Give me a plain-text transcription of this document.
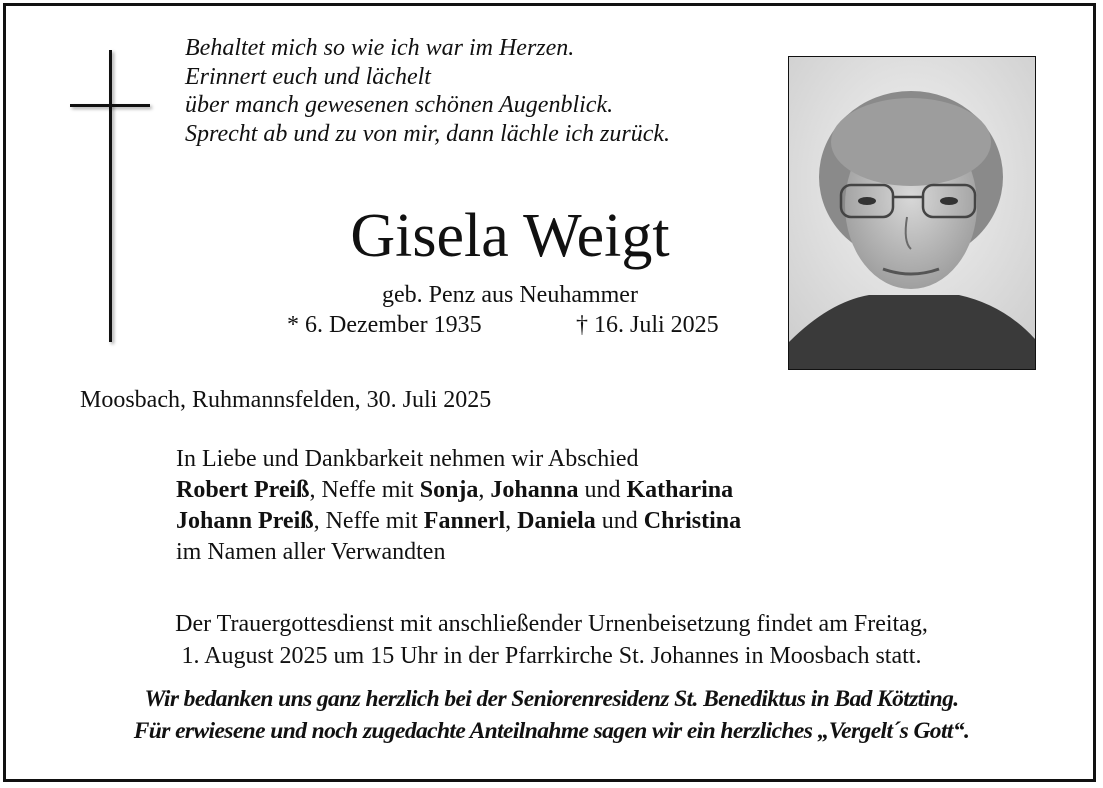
Behaltet mich so wie ich war im Herzen.
Erinnert euch und lächelt
über manch gewesenen schönen Augenblick.
Sprecht ab und zu von mir, dann lächle ich zurück.
Gisela Weigt
geb. Penz aus Neuhammer
* 6. Dezember 1935	† 16. Juli 2025
Moosbach, Ruhmannsfelden, 30. Juli 2025
In Liebe und Dankbarkeit nehmen wir Abschied
Robert Preiß, Neffe mit Sonja, Johanna und Katharina
Johann Preiß, Neffe mit Fannerl, Daniela und Christina
im Namen aller Verwandten
Der Trauergottesdienst mit anschließender Urnenbeisetzung findet am Freitag,
1. August 2025 um 15 Uhr in der Pfarrkirche St. Johannes in Moosbach statt.
Wir bedanken uns ganz herzlich bei der Seniorenresidenz St. Benediktus in Bad Kötzting.
Für erwiesene und noch zugedachte Anteilnahme sagen wir ein herzliches „Vergelt´s Gott“.
